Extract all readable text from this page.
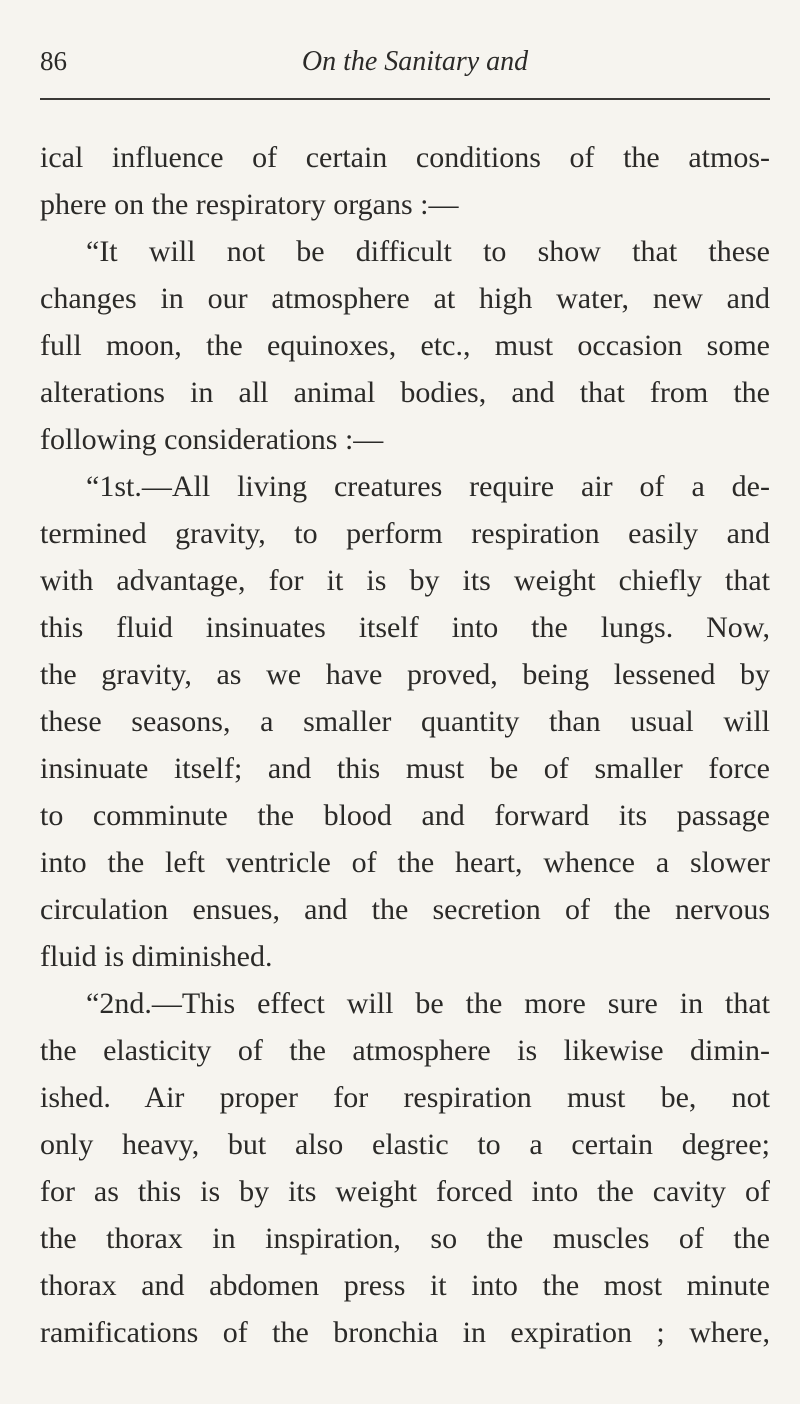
86	On the Sanitary and
ical influence of certain conditions of the atmos-
phere on the respiratory organs :—
“It will not be difficult to show that these
changes in our atmosphere at high water, new and
full moon, the equinoxes, etc., must occasion some
alterations in all animal bodies, and that from the
following considerations :—
“1st.—All living creatures require air of a de-
termined gravity, to perform respiration easily and
with advantage, for it is by its weight chiefly that
this fluid insinuates itself into the lungs. Now,
the gravity, as we have proved, being lessened by
these seasons, a smaller quantity than usual will
insinuate itself; and this must be of smaller force
to comminute the blood and forward its passage
into the left ventricle of the heart, whence a slower
circulation ensues, and the secretion of the nervous
fluid is diminished.
“2nd.—This effect will be the more sure in that
the elasticity of the atmosphere is likewise dimin-
ished. Air proper for respiration must be, not
only heavy, but also elastic to a certain degree;
for as this is by its weight forced into the cavity of
the thorax in inspiration, so the muscles of the
thorax and abdomen press it into the most minute
ramifications of the bronchia in expiration ; where,
